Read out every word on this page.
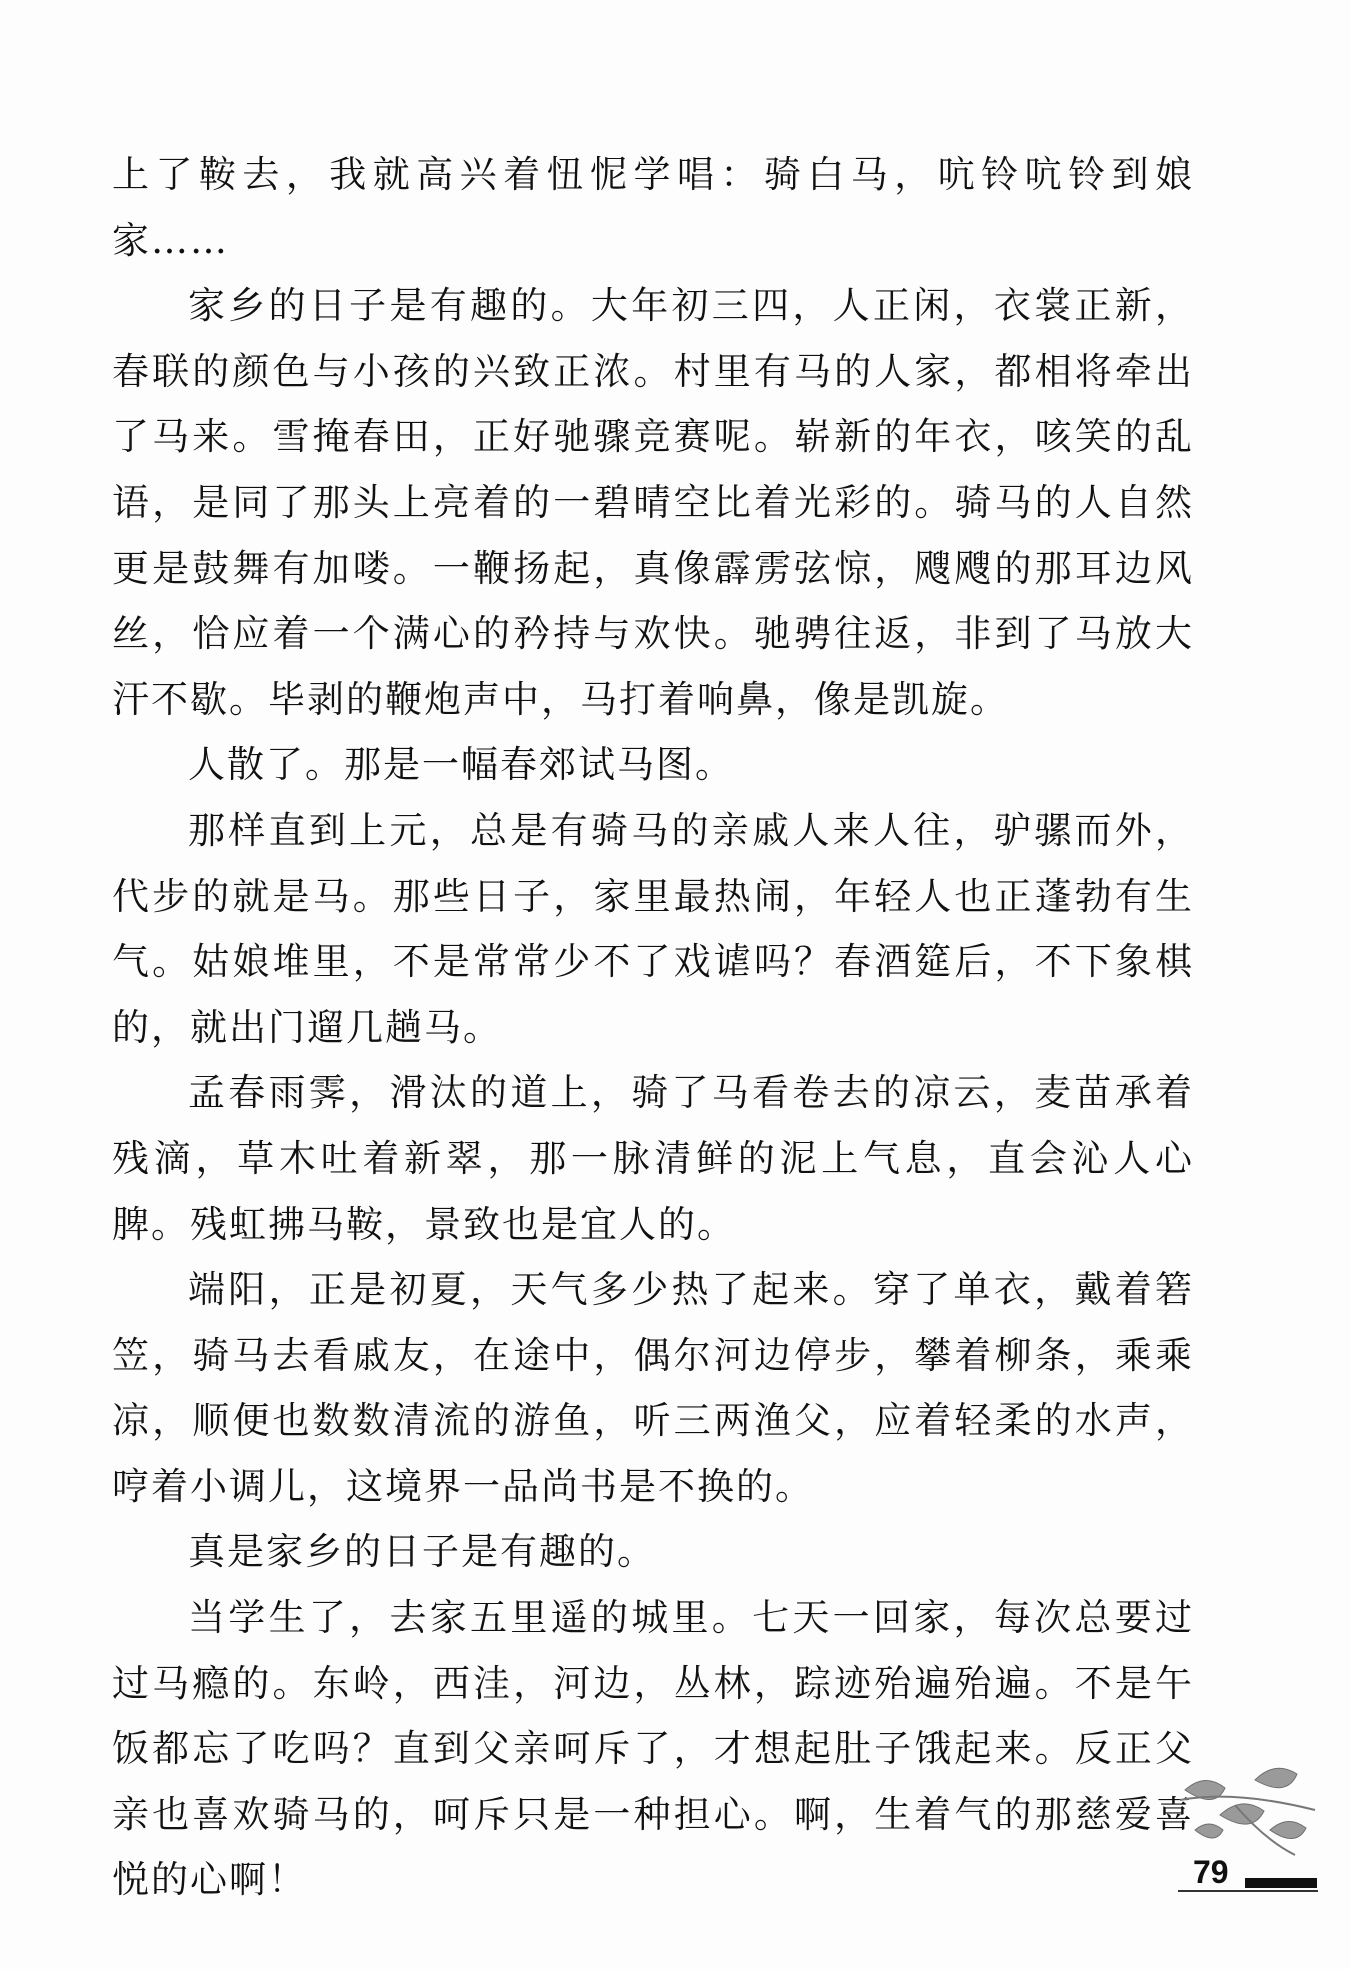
上了鞍去，我就高兴着忸怩学唱：骑白马，吭铃吭铃到娘家……

家乡的日子是有趣的。大年初三四，人正闲，衣裳正新，春联的颜色与小孩的兴致正浓。村里有马的人家，都相将牵出了马来。雪掩春田，正好驰骤竞赛呢。崭新的年衣，咳笑的乱语，是同了那头上亮着的一碧晴空比着光彩的。骑马的人自然更是鼓舞有加喽。一鞭扬起，真像霹雳弦惊，飕飕的那耳边风丝，恰应着一个满心的矜持与欢快。驰骋往返，非到了马放大汗不歇。毕剥的鞭炮声中，马打着响鼻，像是凯旋。

人散了。那是一幅春郊试马图。

那样直到上元，总是有骑马的亲戚人来人往，驴骡而外，代步的就是马。那些日子，家里最热闹，年轻人也正蓬勃有生气。姑娘堆里，不是常常少不了戏谑吗？春酒筵后，不下象棋的，就出门遛几趟马。

孟春雨霁，滑汰的道上，骑了马看卷去的凉云，麦苗承着残滴，草木吐着新翠，那一脉清鲜的泥上气息，直会沁人心脾。残虹拂马鞍，景致也是宜人的。

端阳，正是初夏，天气多少热了起来。穿了单衣，戴着箬笠，骑马去看戚友，在途中，偶尔河边停步，攀着柳条，乘乘凉，顺便也数数清流的游鱼，听三两渔父，应着轻柔的水声，哼着小调儿，这境界一品尚书是不换的。

真是家乡的日子是有趣的。

当学生了，去家五里遥的城里。七天一回家，每次总要过过马瘾的。东岭，西洼，河边，丛林，踪迹殆遍殆遍。不是午饭都忘了吃吗？直到父亲呵斥了，才想起肚子饿起来。反正父亲也喜欢骑马的，呵斥只是一种担心。啊，生着气的那慈爱喜悦的心啊！	79
